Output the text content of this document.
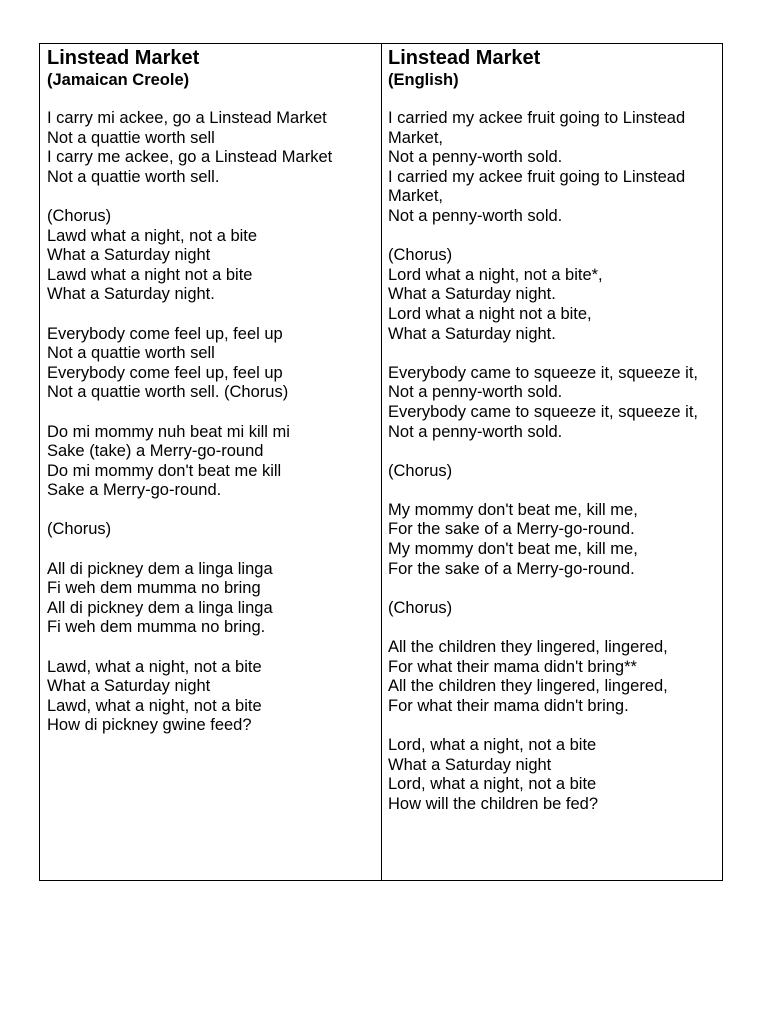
Linstead Market
(Jamaican Creole)
I carry mi ackee, go a Linstead Market
Not a quattie worth sell
I carry me ackee, go a Linstead Market
Not a quattie worth sell.
(Chorus)
Lawd what a night, not a bite
What a Saturday night
Lawd what a night not a bite
What a Saturday night.
Everybody come feel up, feel up
Not a quattie worth sell
Everybody come feel up, feel up
Not a quattie worth sell. (Chorus)
Do mi mommy nuh beat mi kill mi
Sake (take) a Merry-go-round
Do mi mommy don't beat me kill
Sake a Merry-go-round.
(Chorus)
All di pickney dem a linga linga
Fi weh dem mumma no bring
All di pickney dem a linga linga
Fi weh dem mumma no bring.
Lawd, what a night, not a bite
What a Saturday night
Lawd, what a night, not a bite
How di pickney gwine feed?
Linstead Market
(English)
I carried my ackee fruit going to Linstead Market,
Not a penny-worth sold.
I carried my ackee fruit going to Linstead Market,
Not a penny-worth sold.
(Chorus)
Lord what a night, not a bite*,
What a Saturday night.
Lord what a night not a bite,
What a Saturday night.
Everybody came to squeeze it, squeeze it,
Not a penny-worth sold.
Everybody came to squeeze it, squeeze it,
Not a penny-worth sold.
(Chorus)
My mommy don't beat me, kill me,
For the sake of a Merry-go-round.
My mommy don't beat me, kill me,
For the sake of a Merry-go-round.
(Chorus)
All the children they lingered, lingered,
For what their mama didn't bring**
All the children they lingered, lingered,
For what their mama didn't bring.
Lord, what a night, not a bite
What a Saturday night
Lord, what a night, not a bite
How will the children be fed?
